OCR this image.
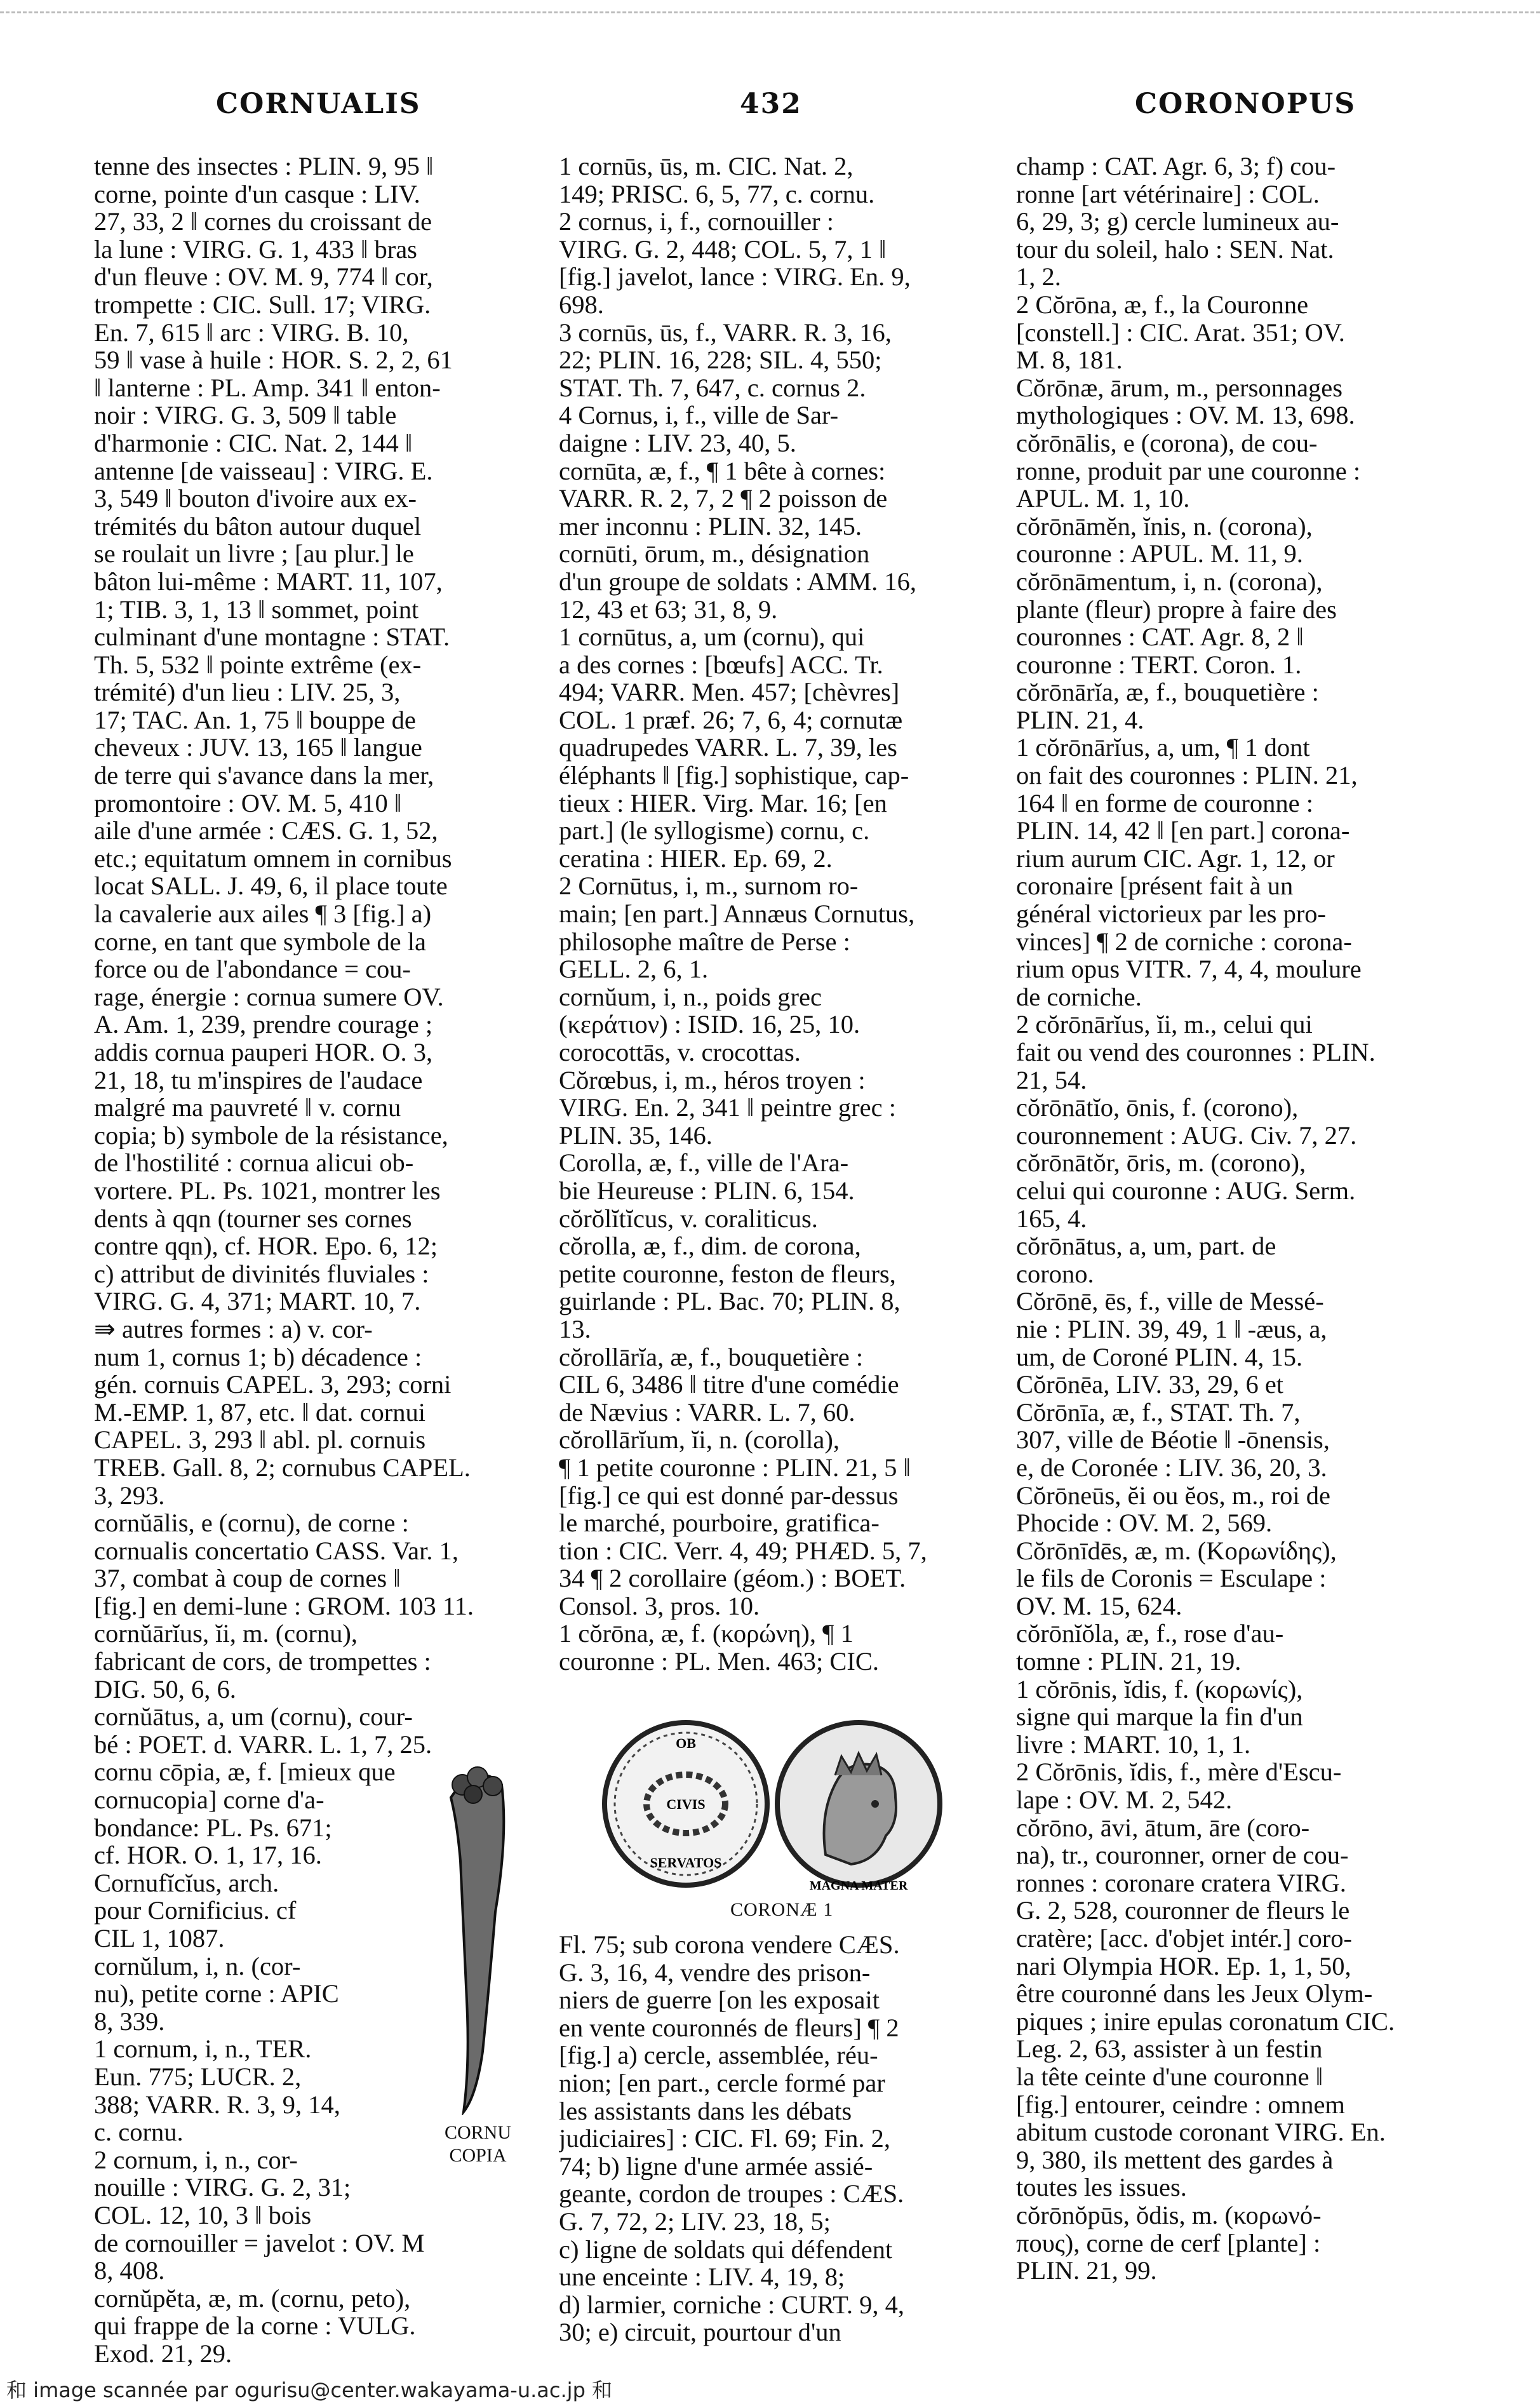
CORNUALIS	432	CORONOPUS
tenne des insectes : PLIN. 9, 95 ‖
corne, pointe d'un casque : LIV.
27, 33, 2 ‖ cornes du croissant de
la lune : VIRG. G. 1, 433 ‖ bras
d'un fleuve : OV. M. 9, 774 ‖ cor,
trompette : CIC. Sull. 17; VIRG.
En. 7, 615 ‖ arc : VIRG. B. 10,
59 ‖ vase à huile : HOR. S. 2, 2, 61
‖ lanterne : PL. Amp. 341 ‖ enton-
noir : VIRG. G. 3, 509 ‖ table
d'harmonie : CIC. Nat. 2, 144 ‖
antenne [de vaisseau] : VIRG. E.
3, 549 ‖ bouton d'ivoire aux ex-
trémités du bâton autour duquel
se roulait un livre ; [au plur.] le
bâton lui-même : MART. 11, 107,
1; TIB. 3, 1, 13 ‖ sommet, point
culminant d'une montagne : STAT.
Th. 5, 532 ‖ pointe extrême (ex-
trémité) d'un lieu : LIV. 25, 3,
17; TAC. An. 1, 75 ‖ bouppe de
cheveux : JUV. 13, 165 ‖ langue
de terre qui s'avance dans la mer,
promontoire : OV. M. 5, 410 ‖
aile d'une armée : CÆS. G. 1, 52,
etc.; equitatum omnem in cornibus
locat SALL. J. 49, 6, il place toute
la cavalerie aux ailes ¶ 3 [fig.] a)
corne, en tant que symbole de la
force ou de l'abondance = cou-
rage, énergie : cornua sumere OV.
A. Am. 1, 239, prendre courage ;
addis cornua pauperi HOR. O. 3,
21, 18, tu m'inspires de l'audace
malgré ma pauvreté ‖ v. cornu
copia; b) symbole de la résistance,
de l'hostilité : cornua alicui ob-
vortere. PL. Ps. 1021, montrer les
dents à qqn (tourner ses cornes
contre qqn), cf. HOR. Epo. 6, 12;
c) attribut de divinités fluviales :
VIRG. G. 4, 371; MART. 10, 7.
⇛ autres formes : a) v. cor-
num 1, cornus 1; b) décadence :
gén. cornuis CAPEL. 3, 293; corni
M.-EMP. 1, 87, etc. ‖ dat. cornui
CAPEL. 3, 293 ‖ abl. pl. cornuis
TREB. Gall. 8, 2; cornubus CAPEL.
3, 293.
cornŭālis, e (cornu), de corne :
cornualis concertatio CASS. Var. 1,
37, combat à coup de cornes ‖
[fig.] en demi-lune : GROM. 103 11.
cornŭārĭus, ĭi, m. (cornu),
fabricant de cors, de trompettes :
DIG. 50, 6, 6.
cornŭātus, a, um (cornu), cour-
bé : POET. d. VARR. L. 1, 7, 25.
cornu cōpia, æ, f. [mieux que
cornucopia] corne d'a-
bondance: PL. Ps. 671;
cf. HOR. O. 1, 17, 16.
Cornufĭcĭus, arch.
pour Cornificius. cf
CIL 1, 1087.
cornŭlum, i, n. (cor-
nu), petite corne : APIC
8, 339.
1 cornum, i, n., TER.
Eun. 775; LUCR. 2,
388; VARR. R. 3, 9, 14,
c. cornu.
2 cornum, i, n., cor-
nouille : VIRG. G. 2, 31;
COL. 12, 10, 3 ‖ bois
de cornouiller = javelot : OV. M
8, 408.
cornŭpĕta, æ, m. (cornu, peto),
qui frappe de la corne : VULG.
Exod. 21, 29.
1 cornūs, ūs, m. CIC. Nat. 2,
149; PRISC. 6, 5, 77, c. cornu.
2 cornus, i, f., cornouiller :
VIRG. G. 2, 448; COL. 5, 7, 1 ‖
[fig.] javelot, lance : VIRG. En. 9,
698.
3 cornūs, ūs, f., VARR. R. 3, 16,
22; PLIN. 16, 228; SIL. 4, 550;
STAT. Th. 7, 647, c. cornus 2.
4 Cornus, i, f., ville de Sar-
daigne : LIV. 23, 40, 5.
cornūta, æ, f., ¶ 1 bête à cornes:
VARR. R. 2, 7, 2 ¶ 2 poisson de
mer inconnu : PLIN. 32, 145.
cornūti, ōrum, m., désignation
d'un groupe de soldats : AMM. 16,
12, 43 et 63; 31, 8, 9.
1 cornūtus, a, um (cornu), qui
a des cornes : [bœufs] ACC. Tr.
494; VARR. Men. 457; [chèvres]
COL. 1 præf. 26; 7, 6, 4; cornutæ
quadrupedes VARR. L. 7, 39, les
éléphants ‖ [fig.] sophistique, cap-
tieux : HIER. Virg. Mar. 16; [en
part.] (le syllogisme) cornu, c.
ceratina : HIER. Ep. 69, 2.
2 Cornūtus, i, m., surnom ro-
main; [en part.] Annæus Cornutus,
philosophe maître de Perse :
GELL. 2, 6, 1.
cornŭum, i, n., poids grec
(κεράτιον) : ISID. 16, 25, 10.
corocottās, v. crocottas.
Cŏrœbus, i, m., héros troyen :
VIRG. En. 2, 341 ‖ peintre grec :
PLIN. 35, 146.
Corolla, æ, f., ville de l'Ara-
bie Heureuse : PLIN. 6, 154.
cŏrŏlĭtĭcus, v. coraliticus.
cŏrolla, æ, f., dim. de corona,
petite couronne, feston de fleurs,
guirlande : PL. Bac. 70; PLIN. 8,
13.
cŏrollārĭa, æ, f., bouquetière :
CIL 6, 3486 ‖ titre d'une comédie
de Nævius : VARR. L. 7, 60.
cŏrollārĭum, ĭi, n. (corolla),
¶ 1 petite couronne : PLIN. 21, 5 ‖
[fig.] ce qui est donné par-dessus
le marché, pourboire, gratifica-
tion : CIC. Verr. 4, 49; PHÆD. 5, 7,
34 ¶ 2 corollaire (géom.) : BOET.
Consol. 3, pros. 10.
1 cŏrōna, æ, f. (κορώνη), ¶ 1
couronne : PL. Men. 463; CIC.
Fl. 75; sub corona vendere CÆS.
G. 3, 16, 4, vendre des prison-
niers de guerre [on les exposait
en vente couronnés de fleurs] ¶ 2
[fig.] a) cercle, assemblée, réu-
nion; [en part., cercle formé par
les assistants dans les débats
judiciaires] : CIC. Fl. 69; Fin. 2,
74; b) ligne d'une armée assié-
geante, cordon de troupes : CÆS.
G. 7, 72, 2; LIV. 23, 18, 5;
c) ligne de soldats qui défendent
une enceinte : LIV. 4, 19, 8;
d) larmier, corniche : CURT. 9, 4,
30; e) circuit, pourtour d'un
champ : CAT. Agr. 6, 3; f) cou-
ronne [art vétérinaire] : COL.
6, 29, 3; g) cercle lumineux au-
tour du soleil, halo : SEN. Nat.
1, 2.
2 Cŏrōna, æ, f., la Couronne
[constell.] : CIC. Arat. 351; OV.
M. 8, 181.
Cŏrōnæ, ārum, m., personnages
mythologiques : OV. M. 13, 698.
cŏrōnālis, e (corona), de cou-
ronne, produit par une couronne :
APUL. M. 1, 10.
cŏrōnāmĕn, ĭnis, n. (corona),
couronne : APUL. M. 11, 9.
cŏrōnāmentum, i, n. (corona),
plante (fleur) propre à faire des
couronnes : CAT. Agr. 8, 2 ‖
couronne : TERT. Coron. 1.
cŏrōnārĭa, æ, f., bouquetière :
PLIN. 21, 4.
1 cŏrōnārĭus, a, um, ¶ 1 dont
on fait des couronnes : PLIN. 21,
164 ‖ en forme de couronne :
PLIN. 14, 42 ‖ [en part.] corona-
rium aurum CIC. Agr. 1, 12, or
coronaire [présent fait à un
général victorieux par les pro-
vinces] ¶ 2 de corniche : corona-
rium opus VITR. 7, 4, 4, moulure
de corniche.
2 cŏrōnārĭus, ĭi, m., celui qui
fait ou vend des couronnes : PLIN.
21, 54.
cŏrōnātĭo, ōnis, f. (corono),
couronnement : AUG. Civ. 7, 27.
cŏrōnātŏr, ōris, m. (corono),
celui qui couronne : AUG. Serm.
165, 4.
cŏrōnātus, a, um, part. de
corono.
Cŏrōnē, ēs, f., ville de Messé-
nie : PLIN. 39, 49, 1 ‖ -æus, a,
um, de Coroné PLIN. 4, 15.
Cŏrōnēa, LIV. 33, 29, 6 et
Cŏrōnīa, æ, f., STAT. Th. 7,
307, ville de Béotie ‖ -ōnensis,
e, de Coronée : LIV. 36, 20, 3.
Cŏrōneūs, ĕi ou ĕos, m., roi de
Phocide : OV. M. 2, 569.
Cŏrōnīdēs, æ, m. (Κορωνίδης),
le fils de Coronis = Esculape :
OV. M. 15, 624.
cŏrōnĭŏla, æ, f., rose d'au-
tomne : PLIN. 21, 19.
1 cŏrōnis, ĭdis, f. (κορωνίς),
signe qui marque la fin d'un
livre : MART. 10, 1, 1.
2 Cŏrōnis, ĭdis, f., mère d'Escu-
lape : OV. M. 2, 542.
cŏrōno, āvi, ātum, āre (coro-
na), tr., couronner, orner de cou-
ronnes : coronare cratera VIRG.
G. 2, 528, couronner de fleurs le
cratère; [acc. d'objet intér.] coro-
nari Olympia HOR. Ep. 1, 1, 50,
être couronné dans les Jeux Olym-
piques ; inire epulas coronatum CIC.
Leg. 2, 63, assister à un festin
la tête ceinte d'une couronne ‖
[fig.] entourer, ceindre : omnem
abitum custode coronant VIRG. En.
9, 380, ils mettent des gardes à
toutes les issues.
cŏrōnŏpūs, ŏdis, m. (κορωνό-
πους), corne de cerf [plante] :
PLIN. 21, 99.
OB
CIVIS
SERVATOS
MAGNA MATER
CORONÆ 1
CORNU
COPIA
和 image scannée par ogurisu@center.wakayama-u.ac.jp 和
